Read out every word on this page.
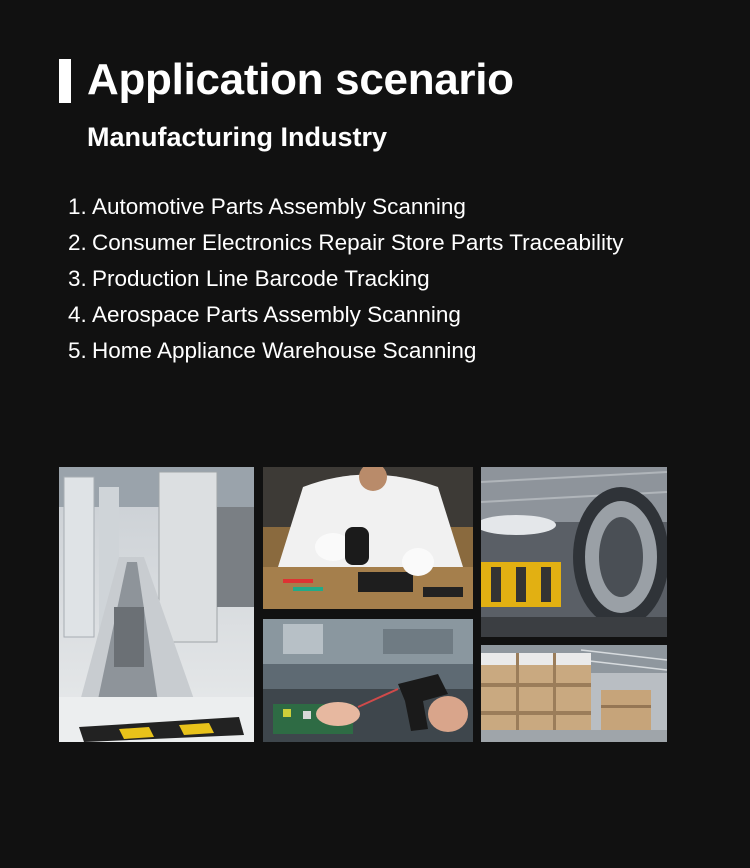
Application scenario
Manufacturing Industry
1. Automotive Parts Assembly Scanning
2. Consumer Electronics Repair Store Parts Traceability
3. Production Line Barcode Tracking
4. Aerospace Parts Assembly Scanning
5. Home Appliance Warehouse Scanning
